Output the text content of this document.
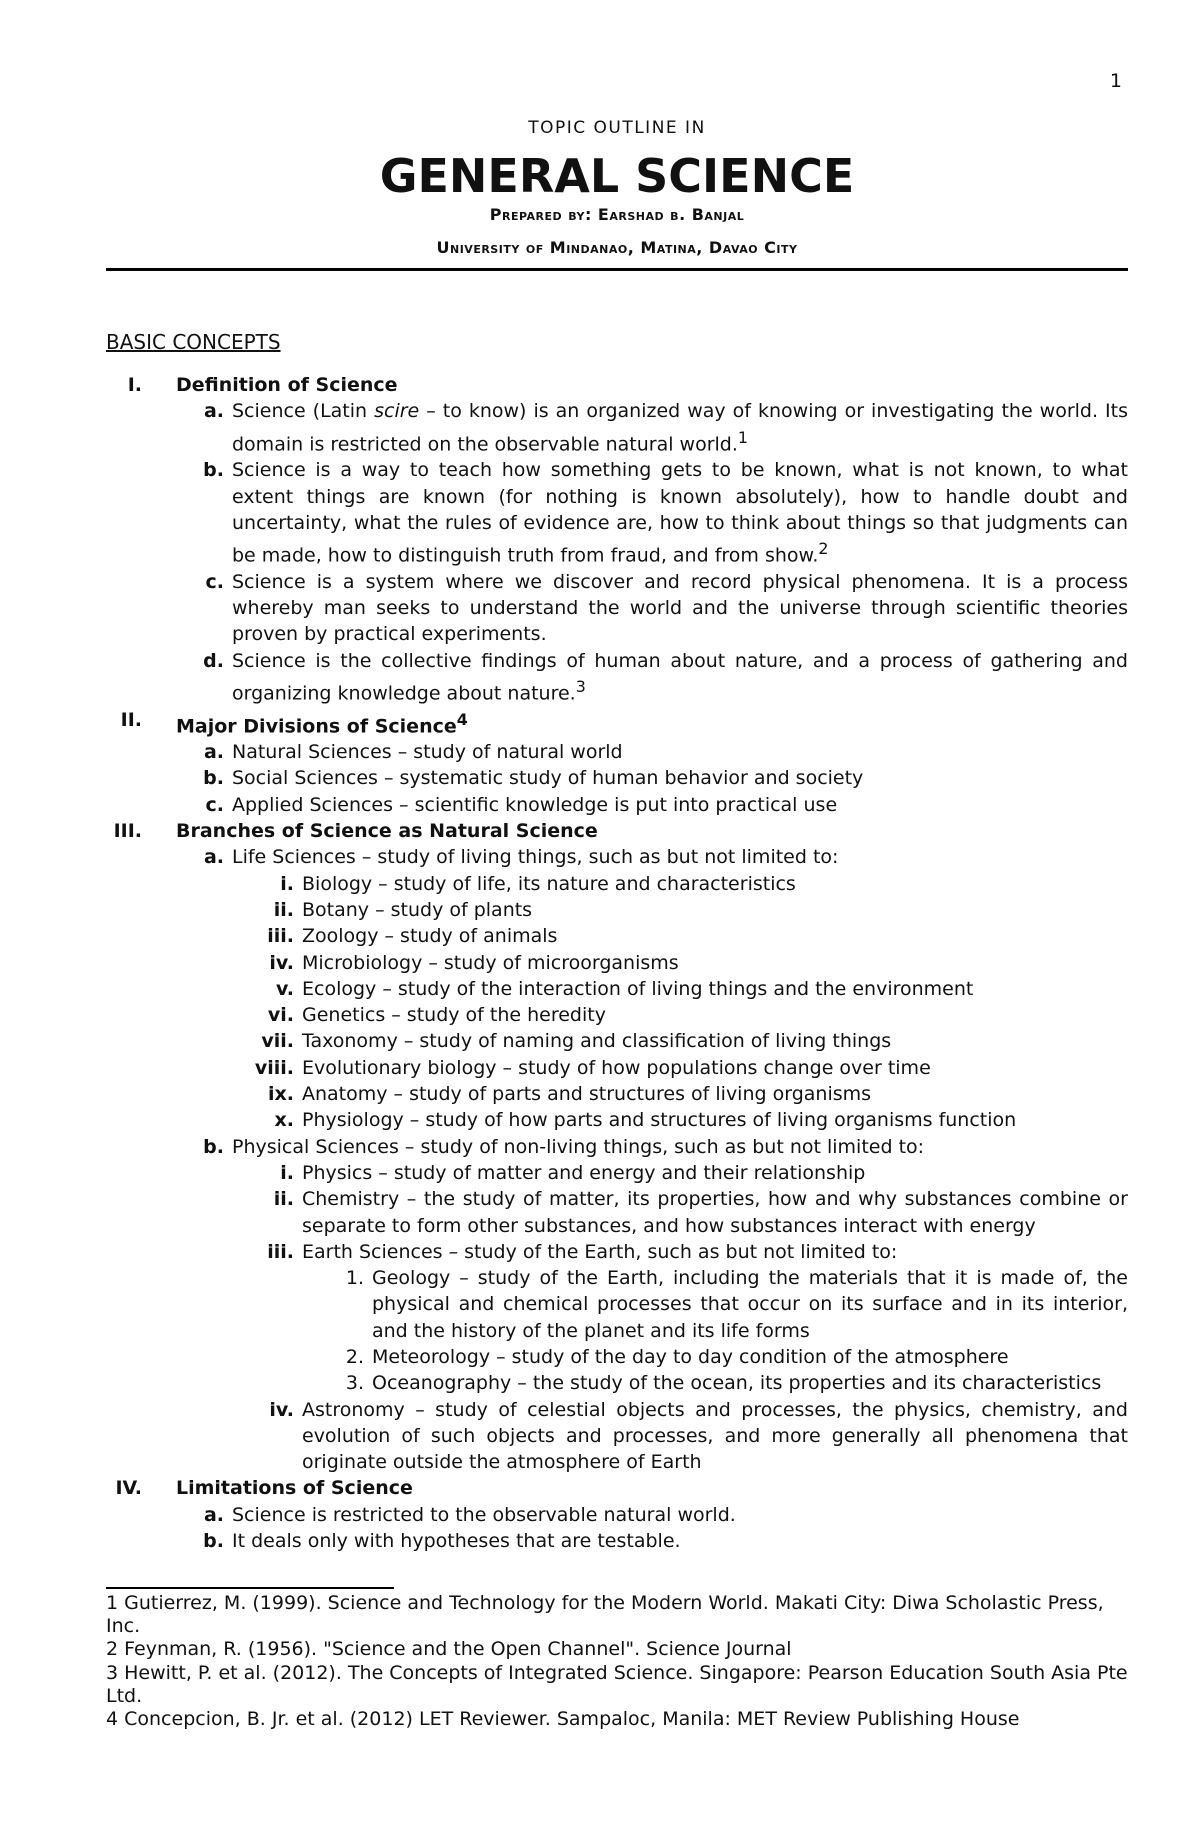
1
TOPIC OUTLINE IN
GENERAL SCIENCE
Prepared by: Earshad b. Banjal
University of Mindanao, Matina, Davao City
BASIC CONCEPTS
I.	Definition of Science
a. Science (Latin scire – to know) is an organized way of knowing or investigating the world. Its domain is restricted on the observable natural world.$^1$
b. Science is a way to teach how something gets to be known, what is not known, to what extent things are known (for nothing is known absolutely), how to handle doubt and uncertainty, what the rules of evidence are, how to think about things so that judgments can be made, how to distinguish truth from fraud, and from show.$^2$
c. Science is a system where we discover and record physical phenomena. It is a process whereby man seeks to understand the world and the universe through scientific theories proven by practical experiments.
d. Science is the collective findings of human about nature, and a process of gathering and organizing knowledge about nature.$^3$
II.	Major Divisions of Science$^4$
a. Natural Sciences – study of natural world
b. Social Sciences – systematic study of human behavior and society
c. Applied Sciences – scientific knowledge is put into practical use
III.	Branches of Science as Natural Science
a. Life Sciences – study of living things, such as but not limited to:
i. Biology – study of life, its nature and characteristics
ii. Botany – study of plants
iii. Zoology – study of animals
iv. Microbiology – study of microorganisms
v. Ecology – study of the interaction of living things and the environment
vi. Genetics – study of the heredity
vii. Taxonomy – study of naming and classification of living things
viii. Evolutionary biology – study of how populations change over time
ix. Anatomy – study of parts and structures of living organisms
x. Physiology – study of how parts and structures of living organisms function
b. Physical Sciences – study of non-living things, such as but not limited to:
i. Physics – study of matter and energy and their relationship
ii. Chemistry – the study of matter, its properties, how and why substances combine or separate to form other substances, and how substances interact with energy
iii. Earth Sciences – study of the Earth, such as but not limited to:
1. Geology – study of the Earth, including the materials that it is made of, the physical and chemical processes that occur on its surface and in its interior, and the history of the planet and its life forms
2. Meteorology – study of the day to day condition of the atmosphere
3. Oceanography – the study of the ocean, its properties and its characteristics
iv. Astronomy – study of celestial objects and processes, the physics, chemistry, and evolution of such objects and processes, and more generally all phenomena that originate outside the atmosphere of Earth
IV.	Limitations of Science
a. Science is restricted to the observable natural world.
b. It deals only with hypotheses that are testable.
1 Gutierrez, M. (1999). Science and Technology for the Modern World. Makati City: Diwa Scholastic Press, Inc.
2 Feynman, R. (1956). "Science and the Open Channel". Science Journal
3 Hewitt, P. et al. (2012). The Concepts of Integrated Science. Singapore: Pearson Education South Asia Pte Ltd.
4 Concepcion, B. Jr. et al. (2012) LET Reviewer. Sampaloc, Manila: MET Review Publishing House
